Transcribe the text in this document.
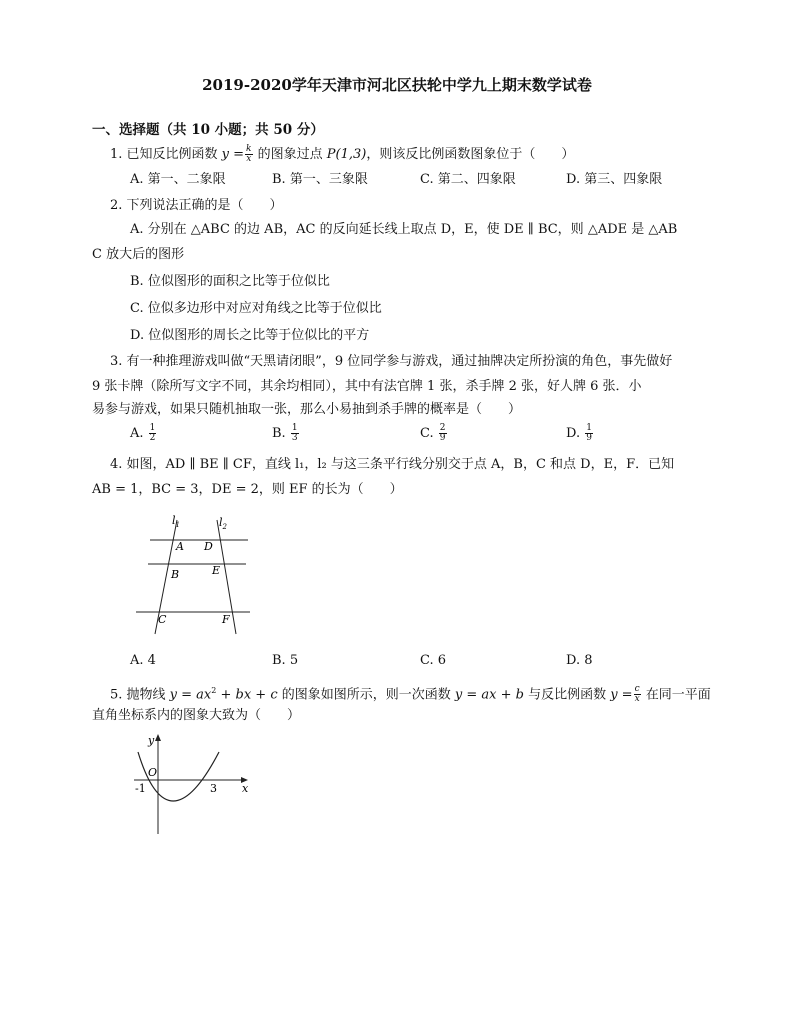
2019-2020学年天津市河北区扶轮中学九上期末数学试卷
一、选择题（共 10 小题；共 50 分）
1. 已知反比例函数 $y = \frac{k}{x}$ 的图象过点 P(1,3)，则该反比例函数图象位于（　　）
A. 第一、二象限	B. 第一、三象限	C. 第二、四象限	D. 第三、四象限
2. 下列说法正确的是（　　）
A. 分别在 △ABC 的边 AB，AC 的反向延长线上取点 D，E，使 DE ∥ BC，则 △ADE 是 △AB
C 放大后的图形
B. 位似图形的面积之比等于位似比
C. 位似多边形中对应对角线之比等于位似比
D. 位似图形的周长之比等于位似比的平方
3. 有一种推理游戏叫做“天黑请闭眼”，9 位同学参与游戏，通过抽牌决定所扮演的角色，事先做好
9 张卡牌（除所写文字不同，其余均相同），其中有法官牌 1 张，杀手牌 2 张，好人牌 6 张．小
易参与游戏，如果只随机抽取一张，那么小易抽到杀手牌的概率是（　　）
A. $\frac{1}{2}$	B. $\frac{1}{3}$	C. $\frac{2}{9}$	D. $\frac{1}{9}$
4. 如图，AD ∥ BE ∥ CF，直线 l₁，l₂ 与这三条平行线分别交于点 A，B，C 和点 D，E，F．已知
AB = 1，BC = 3，DE = 2，则 EF 的长为（　　）
$l_1$	$l_2$
A D
B	E
C	F
A. 4	B. 5	C. 6	D. 8
5. 抛物线 $y = ax^2$ + bx + c 的图象如图所示，则一次函数 y = ax + b 与反比例函数 $y = \frac{c}{x}$ 在同一平面
直角坐标系内的图象大致为（　　）
y
x
O
-1	3
